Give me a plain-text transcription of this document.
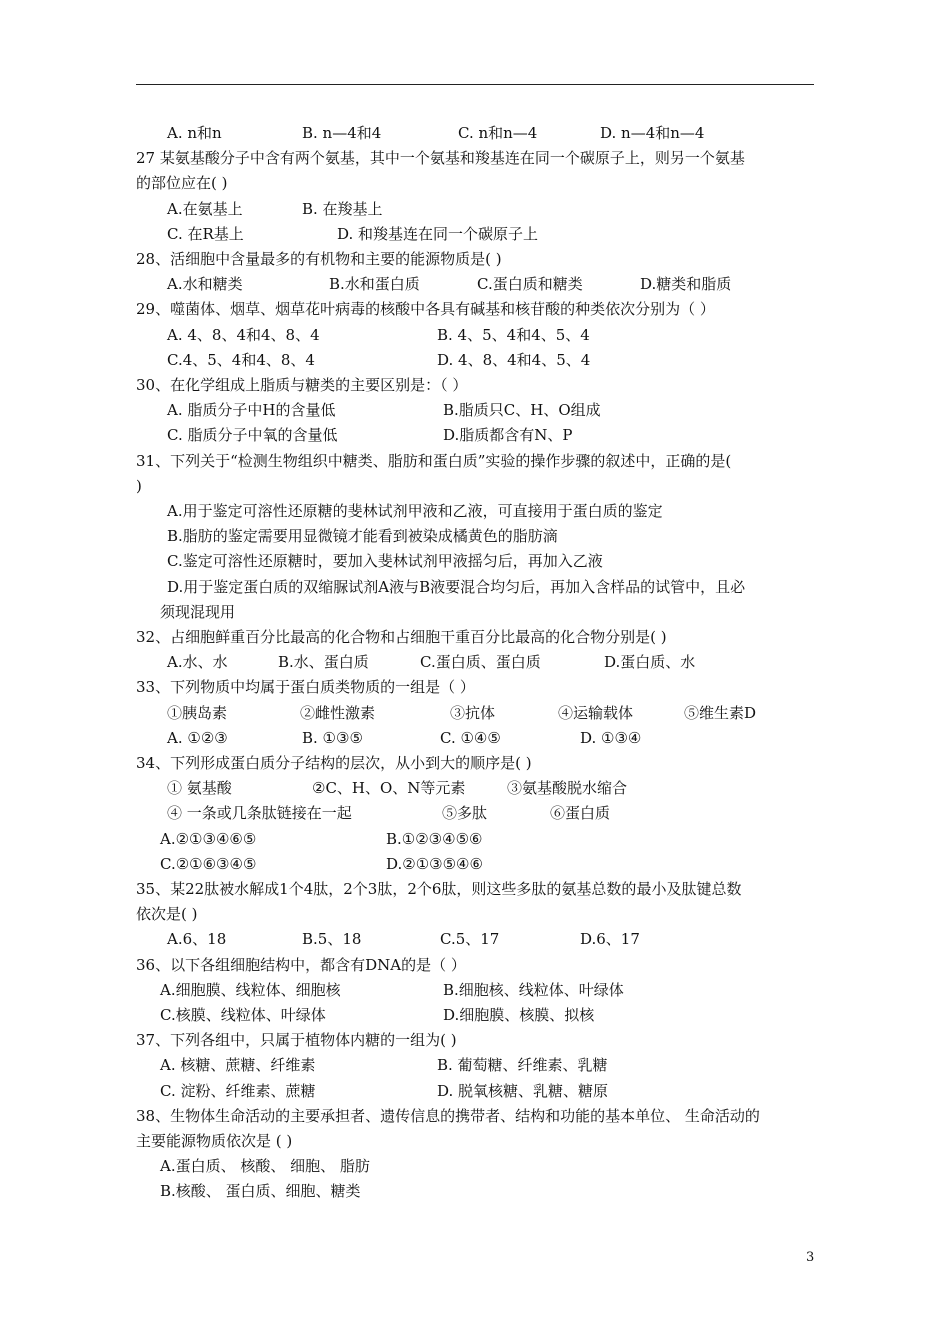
A. n和n	B. n—4和4	C. n和n—4	D. n—4和n—4
27 某氨基酸分子中含有两个氨基，其中一个氨基和羧基连在同一个碳原子上，则另一个氨基
的部位应在( )
A.在氨基上	B. 在羧基上
C. 在R基上	D. 和羧基连在同一个碳原子上
28、活细胞中含量最多的有机物和主要的能源物质是( )
A.水和糖类	B.水和蛋白质	C.蛋白质和糖类	D.糖类和脂质
29、噬菌体、烟草、烟草花叶病毒的核酸中各具有碱基和核苷酸的种类依次分别为（ ）
A. 4、8、4和4、8、4	B. 4、5、4和4、5、4
C.4、5、4和4、8、4	D. 4、8、4和4、5、4
30、在化学组成上脂质与糖类的主要区别是：（ ）
A. 脂质分子中H的含量低	B.脂质只C、H、O组成
C. 脂质分子中氧的含量低	D.脂质都含有N、P
31、下列关于“检测生物组织中糖类、脂肪和蛋白质”实验的操作步骤的叙述中，正确的是(
)
A.用于鉴定可溶性还原糖的斐林试剂甲液和乙液，可直接用于蛋白质的鉴定
B.脂肪的鉴定需要用显微镜才能看到被染成橘黄色的脂肪滴
C.鉴定可溶性还原糖时，要加入斐林试剂甲液摇匀后，再加入乙液
D.用于鉴定蛋白质的双缩脲试剂A液与B液要混合均匀后，再加入含样品的试管中，且必
须现混现用
32、占细胞鲜重百分比最高的化合物和占细胞干重百分比最高的化合物分别是( )
A.水、水	B.水、蛋白质	C.蛋白质、蛋白质	D.蛋白质、水
33、下列物质中均属于蛋白质类物质的一组是（ ）
①胰岛素	②雌性激素	③抗体	④运输载体	⑤维生素D
A. ①②③	B. ①③⑤	C. ①④⑤	D. ①③④
34、下列形成蛋白质分子结构的层次，从小到大的顺序是( )
① 氨基酸	②C、H、O、N等元素	③氨基酸脱水缩合
④ 一条或几条肽链接在一起	⑤多肽	⑥蛋白质
A.②①③④⑥⑤	B.①②③④⑤⑥
C.②①⑥③④⑤	D.②①③⑤④⑥
35、某22肽被水解成1个4肽，2个3肽，2个6肽，则这些多肽的氨基总数的最小及肽键总数
依次是( )
A.6、18	B.5、18	C.5、17	D.6、17
36、以下各组细胞结构中，都含有DNA的是（ ）
A.细胞膜、线粒体、细胞核	B.细胞核、线粒体、叶绿体
C.核膜、线粒体、叶绿体	D.细胞膜、核膜、拟核
37、下列各组中，只属于植物体内糖的一组为( )
A. 核糖、蔗糖、纤维素	B. 葡萄糖、纤维素、乳糖
C. 淀粉、纤维素、蔗糖	D. 脱氧核糖、乳糖、糖原
38、生物体生命活动的主要承担者、遗传信息的携带者、结构和功能的基本单位、 生命活动的
主要能源物质依次是 ( )
A.蛋白质、 核酸、 细胞、 脂肪
B.核酸、 蛋白质、细胞、糖类
3
